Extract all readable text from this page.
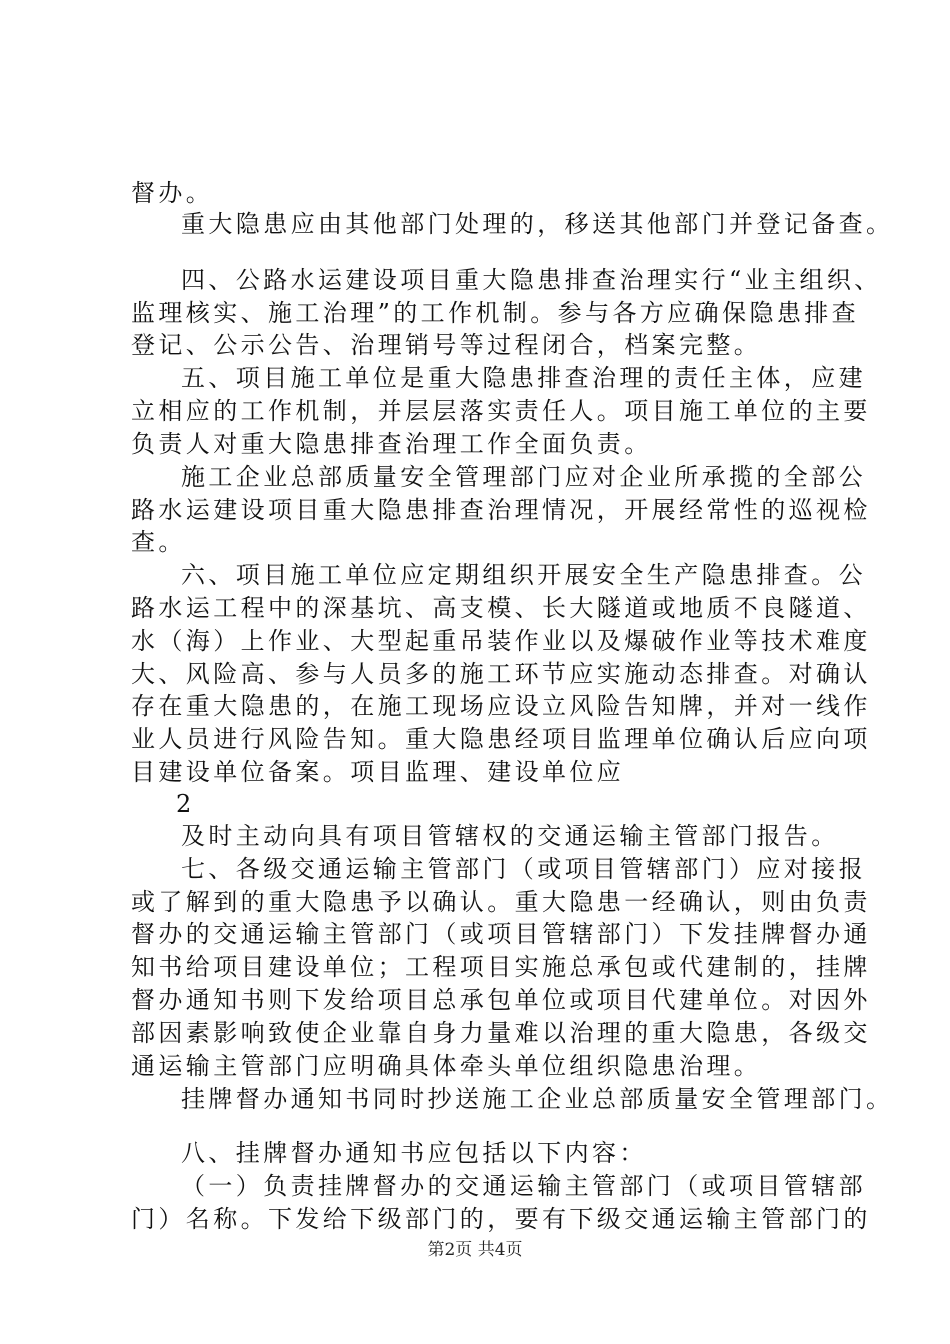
督办。
重大隐患应由其他部门处理的，移送其他部门并登记备查。
四、公路水运建设项目重大隐患排查治理实行“业主组织、
监理核实、施工治理”的工作机制。参与各方应确保隐患排查
登记、公示公告、治理销号等过程闭合，档案完整。
五、项目施工单位是重大隐患排查治理的责任主体，应建
立相应的工作机制，并层层落实责任人。项目施工单位的主要
负责人对重大隐患排查治理工作全面负责。
施工企业总部质量安全管理部门应对企业所承揽的全部公
路水运建设项目重大隐患排查治理情况，开展经常性的巡视检
查。
六、项目施工单位应定期组织开展安全生产隐患排查。公
路水运工程中的深基坑、高支模、长大隧道或地质不良隧道、
水（海）上作业、大型起重吊装作业以及爆破作业等技术难度
大、风险高、参与人员多的施工环节应实施动态排查。对确认
存在重大隐患的，在施工现场应设立风险告知牌，并对一线作
业人员进行风险告知。重大隐患经项目监理单位确认后应向项
目建设单位备案。项目监理、建设单位应
2
及时主动向具有项目管辖权的交通运输主管部门报告。
七、各级交通运输主管部门（或项目管辖部门）应对接报
或了解到的重大隐患予以确认。重大隐患一经确认，则由负责
督办的交通运输主管部门（或项目管辖部门）下发挂牌督办通
知书给项目建设单位；工程项目实施总承包或代建制的，挂牌
督办通知书则下发给项目总承包单位或项目代建单位。对因外
部因素影响致使企业靠自身力量难以治理的重大隐患，各级交
通运输主管部门应明确具体牵头单位组织隐患治理。
挂牌督办通知书同时抄送施工企业总部质量安全管理部门。
八、挂牌督办通知书应包括以下内容：
（一）负责挂牌督办的交通运输主管部门（或项目管辖部
门）名称。下发给下级部门的，要有下级交通运输主管部门的
第2页 共4页
